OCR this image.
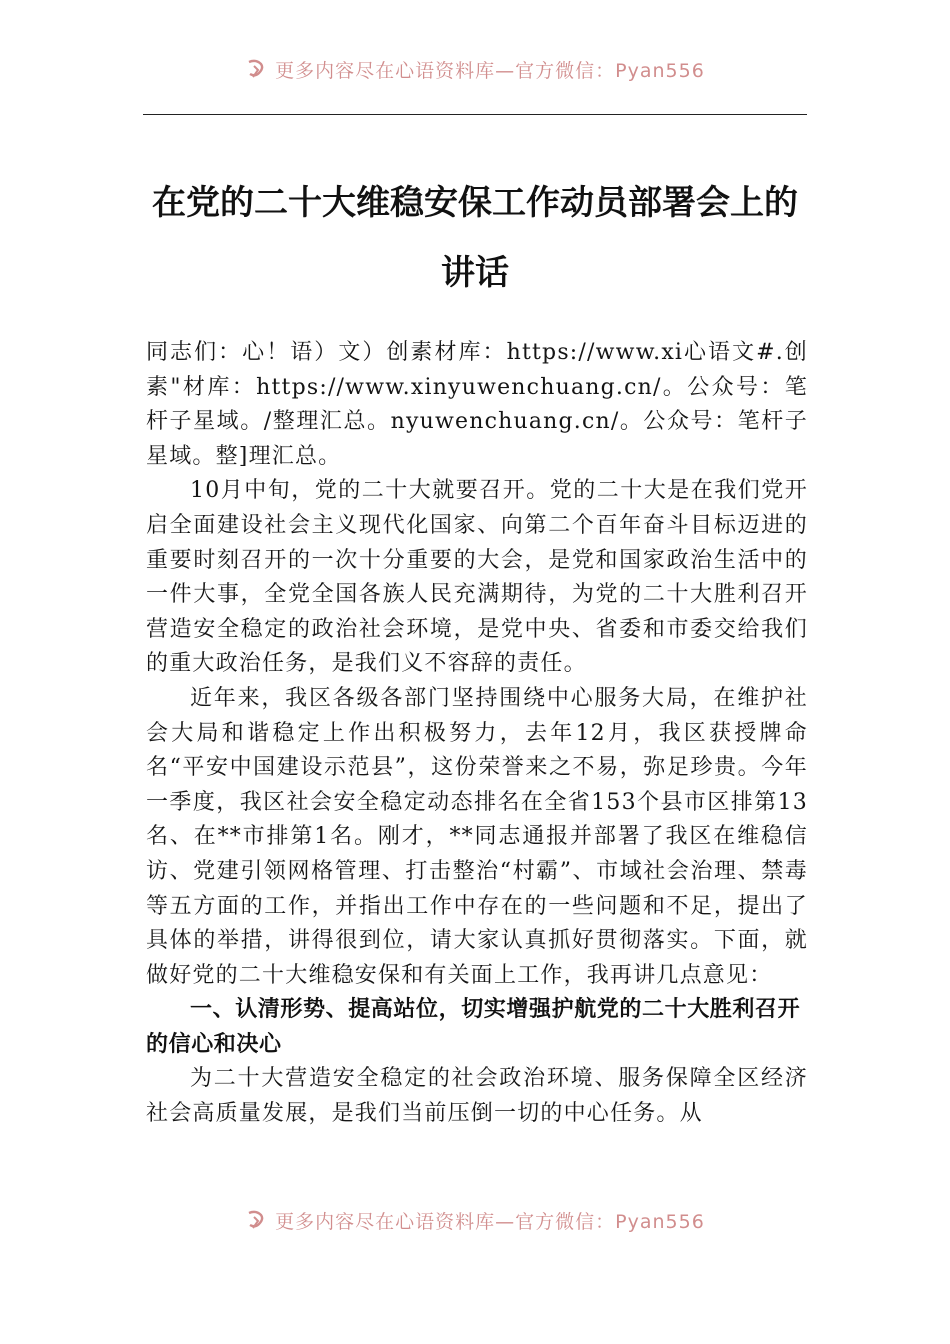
更多内容尽在心语资料库—官方微信：Pyan556
在党的二十大维稳安保工作动员部署会上的讲话

同志们：心！语）文）创素材库：https://www.xi心语文#.创素"材库：https://www.xinyuwenchuang.cn/。公众号：笔杆子星域。/整理汇总。nyuwenchuang.cn/。公众号：笔杆子星域。整]理汇总。

10月中旬，党的二十大就要召开。党的二十大是在我们党开启全面建设社会主义现代化国家、向第二个百年奋斗目标迈进的重要时刻召开的一次十分重要的大会，是党和国家政治生活中的一件大事，全党全国各族人民充满期待，为党的二十大胜利召开营造安全稳定的政治社会环境，是党中央、省委和市委交给我们的重大政治任务，是我们义不容辞的责任。

近年来，我区各级各部门坚持围绕中心服务大局，在维护社会大局和谐稳定上作出积极努力，去年12月，我区获授牌命名“平安中国建设示范县”，这份荣誉来之不易，弥足珍贵。今年一季度，我区社会安全稳定动态排名在全省153个县市区排第13名、在**市排第1名。刚才，**同志通报并部署了我区在维稳信访、党建引领网格管理、打击整治“村霸”、市域社会治理、禁毒等五方面的工作，并指出工作中存在的一些问题和不足，提出了具体的举措，讲得很到位，请大家认真抓好贯彻落实。下面，就做好党的二十大维稳安保和有关面上工作，我再讲几点意见：

一、认清形势、提高站位，切实增强护航党的二十大胜利召开的信心和决心

为二十大营造安全稳定的社会政治环境、服务保障全区经济社会高质量发展，是我们当前压倒一切的中心任务。从

更多内容尽在心语资料库—官方微信：Pyan556
